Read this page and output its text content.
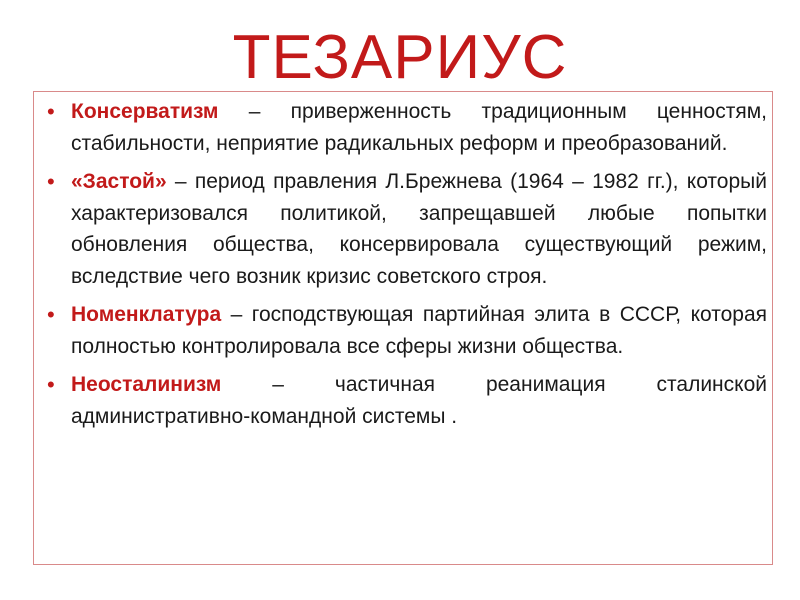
ТЕЗАРИУС
• Консерватизм – приверженность традиционным ценностям, стабильности, неприятие радикальных реформ и преобразований.
• «Застой» – период правления Л.Брежнева (1964 – 1982 гг.), который характеризовался политикой, запрещавшей любые попытки обновления общества, консервировала существующий режим, вследствие чего возник кризис советского строя.
• Номенклатура – господствующая партийная элита в СССР, которая полностью контролировала все сферы жизни общества.
• Неосталинизм – частичная реанимация сталинской административно-командной системы .
